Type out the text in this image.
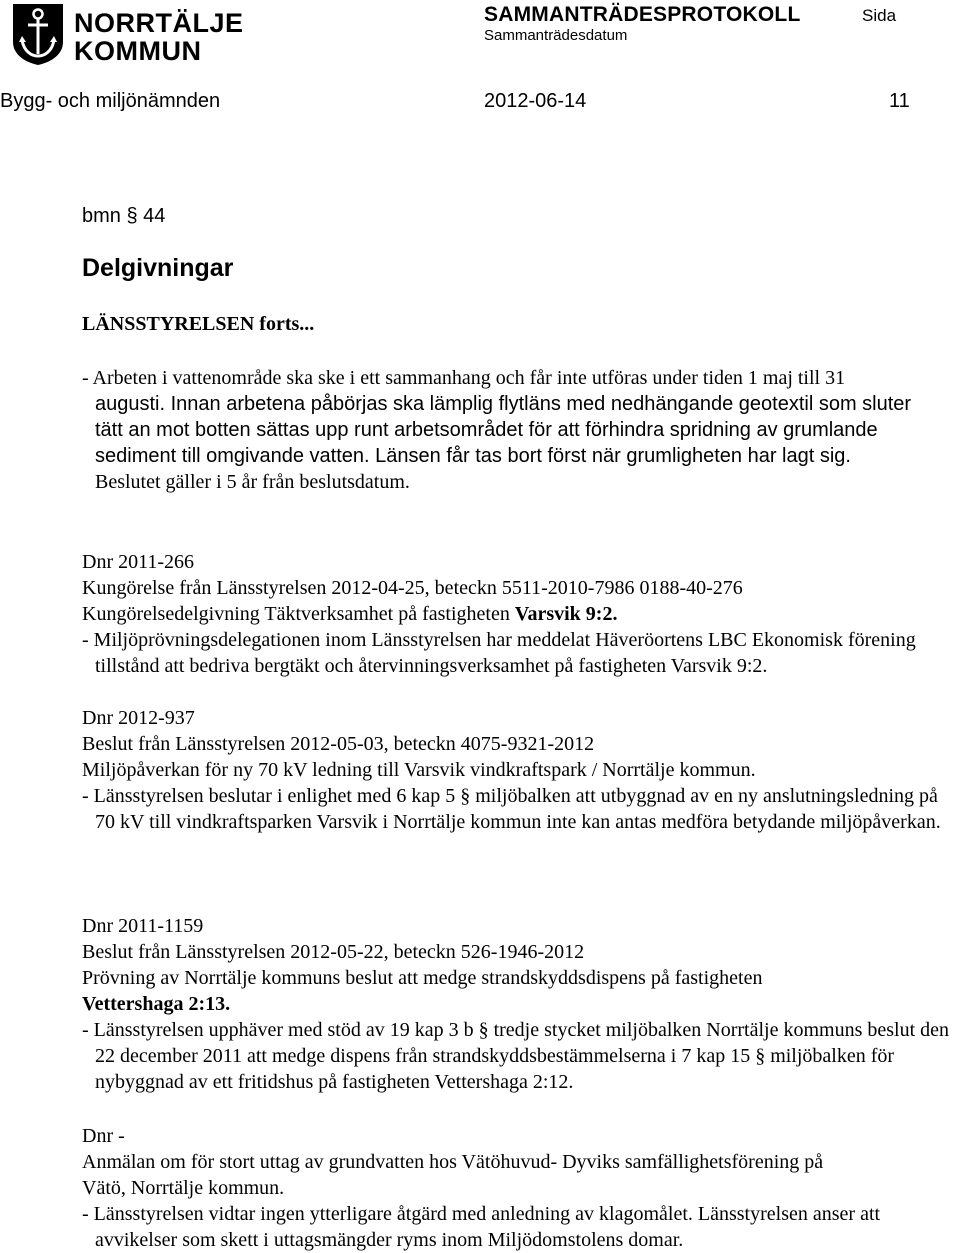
NORRTÄLJE
KOMMUN
SAMMANTRÄDESPROTOKOLL	Sida
Sammanträdesdatum
Bygg- och miljönämnden	2012-06-14	11
bmn § 44
Delgivningar
LÄNSSTYRELSEN forts...

- Arbeten i vattenområde ska ske i ett sammanhang och får inte utföras under tiden 1 maj till 31

augusti. Innan arbetena påbörjas ska lämplig flytläns med nedhängande geotextil som sluter

tätt an mot botten sättas upp runt arbetsområdet för att förhindra spridning av grumlande

sediment till omgivande vatten. Länsen får tas bort först när grumligheten har lagt sig.

Beslutet gäller i 5 år från beslutsdatum.

Dnr 2011-266

Kungörelse från Länsstyrelsen 2012-04-25, beteckn 5511-2010-7986 0188-40-276

Kungörelsedelgivning Täktverksamhet på fastigheten Varsvik 9:2.

- Miljöprövningsdelegationen inom Länsstyrelsen har meddelat Häveröortens LBC Ekonomisk förening tillstånd att bedriva bergtäkt och återvinningsverksamhet på fastigheten Varsvik 9:2.

Dnr 2012-937

Beslut från Länsstyrelsen 2012-05-03, beteckn 4075-9321-2012

Miljöpåverkan för ny 70 kV ledning till Varsvik vindkraftspark / Norrtälje kommun.

- Länsstyrelsen beslutar i enlighet med 6 kap 5 § miljöbalken att utbyggnad av en ny anslutningsledning på 70 kV till vindkraftsparken Varsvik i Norrtälje kommun inte kan antas medföra betydande miljöpåverkan.

Dnr 2011-1159

Beslut från Länsstyrelsen 2012-05-22, beteckn 526-1946-2012

Prövning av Norrtälje kommuns beslut att medge strandskyddsdispens på fastigheten

Vettershaga 2:13.

- Länsstyrelsen upphäver med stöd av 19 kap 3 b § tredje stycket miljöbalken Norrtälje kommuns beslut den 22 december 2011 att medge dispens från strandskyddsbestämmelserna i 7 kap 15 § miljöbalken för nybyggnad av ett fritidshus på fastigheten Vettershaga 2:12.

Dnr -

Anmälan om för stort uttag av grundvatten hos Vätöhuvud- Dyviks samfällighetsförening på

Vätö, Norrtälje kommun.

- Länsstyrelsen vidtar ingen ytterligare åtgärd med anledning av klagomålet. Länsstyrelsen anser att avvikelser som skett i uttagsmängder ryms inom Miljödomstolens domar.
